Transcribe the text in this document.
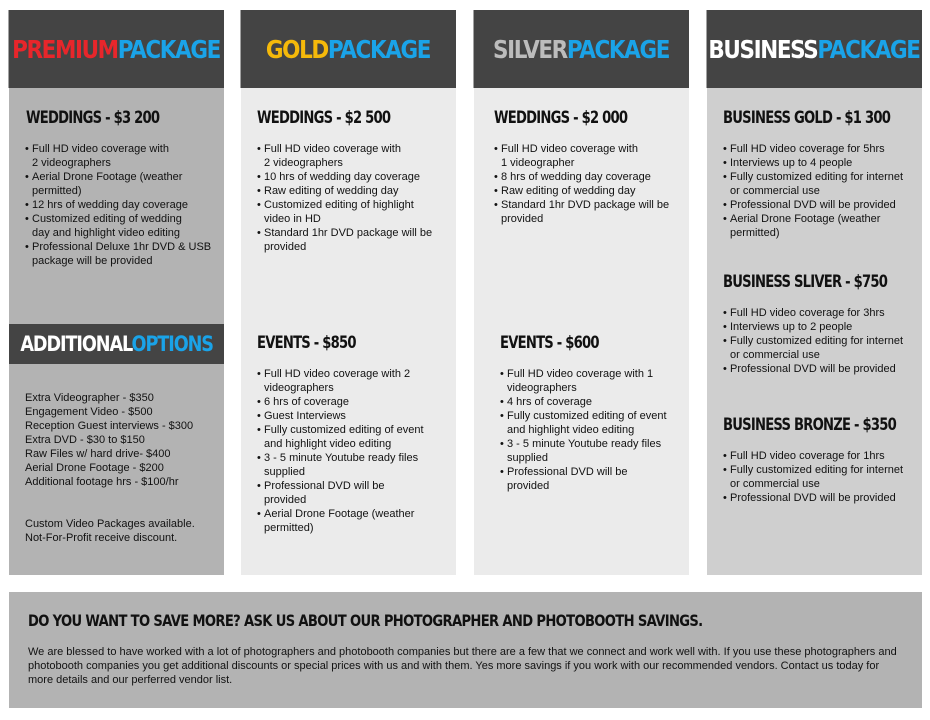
PREMIUM PACKAGE
WEDDINGS - $3 200
• Full HD video coverage with
2 videographers
• Aerial Drone Footage (weather
permitted)
• 12 hrs of wedding day coverage
• Customized editing of wedding
day and highlight video editing
• Professional Deluxe 1hr DVD & USB
package will be provided
ADDITIONALOPTIONS
Extra Videographer - $350
Engagement Video - $500
Reception Guest interviews - $300
Extra DVD - $30 to $150
Raw Files w/ hard drive- $400
Aerial Drone Footage - $200
Additional footage hrs - $100/hr
Custom Video Packages available.
Not-For-Profit receive discount.
GOLD PACKAGE
WEDDINGS - $2 500
• Full HD video coverage with
2 videographers
• 10 hrs of wedding day coverage
• Raw editing of wedding day
• Customized editing of highlight
video in HD
• Standard 1hr DVD package will be
provided
EVENTS - $850
• Full HD video coverage with 2
videographers
• 6 hrs of coverage
• Guest Interviews
• Fully customized editing of event
and highlight video editing
• 3 - 5 minute Youtube ready files
supplied
• Professional DVD will be
provided
• Aerial Drone Footage (weather
permitted)
SILVER PACKAGE
WEDDINGS - $2 000
• Full HD video coverage with
1 videographer
• 8 hrs of wedding day coverage
• Raw editing of wedding day
• Standard 1hr DVD package will be
provided
EVENTS - $600
• Full HD video coverage with 1
videographers
• 4 hrs of coverage
• Fully customized editing of event
and highlight video editing
• 3 - 5 minute Youtube ready files
supplied
• Professional DVD will be
provided
BUSINESS PACKAGE
BUSINESS GOLD - $1 300
• Full HD video coverage for 5hrs
• Interviews up to 4 people
• Fully customized editing for internet
or commercial use
• Professional DVD will be provided
• Aerial Drone Footage (weather
permitted)
BUSINESS SLIVER - $750
• Full HD video coverage for 3hrs
• Interviews up to 2 people
• Fully customized editing for internet
or commercial use
• Professional DVD will be provided
BUSINESS BRONZE - $350
• Full HD video coverage for 1hrs
• Fully customized editing for internet
or commercial use
• Professional DVD will be provided
DO YOU WANT TO SAVE MORE? ASK US ABOUT OUR PHOTOGRAPHER AND PHOTOBOOTH SAVINGS.
We are blessed to have worked with a lot of photographers and photobooth companies but there are a few that we connect and work well with. If you use these photographers and photobooth companies you get additional discounts or special prices with us and with them. Yes more savings if you work with our recommended vendors. Contact us today for more details and our perferred vendor list.
